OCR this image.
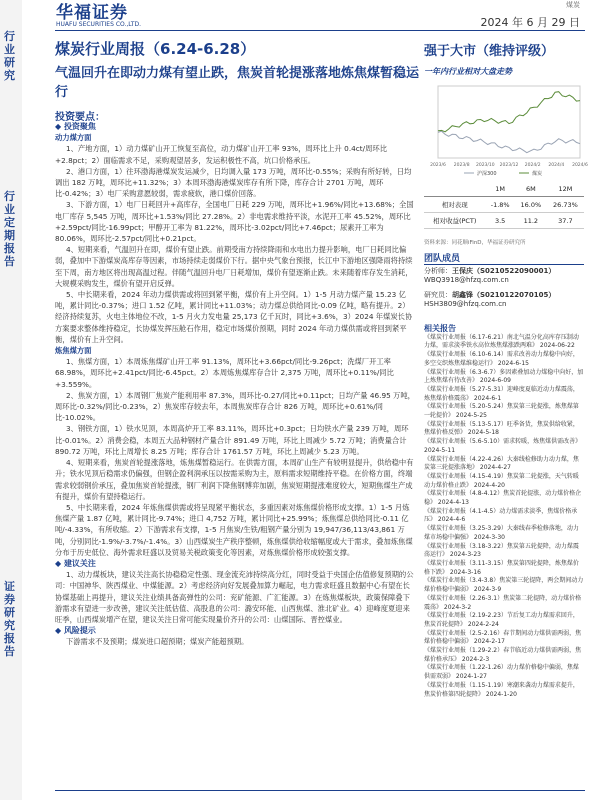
行业研究
行业定期报告
证券研究报告
华福证券
HUAFU SECURITIES CO.,LTD.
煤炭
2024 年 6 月 29 日
煤炭行业周报（6.24-6.28）
气温回升在即动力煤有望止跌，焦炭首轮提涨落地炼焦煤暂稳运行
投资要点：
◆ 投资聚焦
动力煤方面

1、产地方面，1）动力煤矿山开工恢复至高位，动力煤矿山开工率 93%，周环比上升 0.4ct/周环比+2.8pct；2）面临需求不足，采购观望居多，发运积极性不高，坑口价格承压。

2、港口方面，1）往环渤海港煤炭发运减少，日均调入量 173 万吨，周环比-0.55%；采购有所好转，日均调出 182 万吨，周环比+11.32%；3）本周环渤海港煤炭库存有所下降，库存合计 2701 万吨，周环比-0.42%；3）电厂采购意愿较弱，需求疲软，港口煤价回落。

3、下游方面，1）电厂日耗回升+高库存，全国电厂日耗 229 万吨，周环比+1.96%/同比+13.68%；全国电厂库存 5,545 万吨，周环比+1.53%/同比 27.28%。2）非电需求维持平淡，水泥开工率 45.52%，周环比+2.59pct/同比-16.99pct；甲醇开工率为 81.22%，周环比-3.02pct/同比+7.46pct；尿素开工率为 80.06%，周环比-2.57pct/同比+0.21pct。

4、短期来看，气温回升在即，煤价有望止跌。前期受南方持续降雨和水电出力提升影响，电厂日耗同比偏弱，叠加中下游煤炭高库存等因素，市场持续走弱煤价下行。据中央气象台预报，长江中下游地区强降雨将持续至下周，南方地区将出现高温过程。伴随气温回升电厂日耗增加，煤价有望逐渐止跌。未来随着库存发生消耗，大规模采购发生，煤价有望开启反弹。

5、中长期来看，2024 年动力煤供需或将回到紧平衡，煤价有上升空间。1）1-5 月动力煤产量 15.23 亿吨，累计同比-0.37%；进口 1.52 亿吨，累计同比+11.03%；动力煤总供给同比-0.09 亿吨，略有提升。2）经济持续复苏，火电主体地位不改，1-5 月火力发电量 25,173 亿千瓦时，同比+3.6%，3）2024 年煤炭长协方案要求整体维持稳定，长协煤发挥压舱石作用，稳定市场煤价预期，同时 2024 年动力煤供需或将回到紧平衡，煤价有上升空间。

炼焦煤方面

1、焦煤方面，1）本周炼焦煤矿山开工率 91.13%，周环比+3.66pct/同比-9.26pct；洗煤厂开工率 68.98%，周环比+2.41pct/同比-6.45pct。2）本周炼焦煤库存合计 2,375 万吨，周环比+0.11%/同比+3.559%。

2、焦炭方面，1）本周钢厂焦炭产能利用率 87.3%，周环比-0.27/同比+0.11pct；日均产量 46.95 万吨，周环比-0.32%/同比-0.23%，2）焦炭库存较去年，本周焦炭库存合计 826 万吨，周环比+0.61%/同比-10.02%。

3、钢铁方面，1）铁水见顶，本周高炉开工率 83.11%，周环比+0.3pct；日均铁水产量 239 万吨，周环比-0.01%。2）消费会稳，本周五大品种钢材产量合计 891.49 万吨，环比上周减少 5.72 万吨；消费量合计 890.72 万吨，环比上周增长 8.25 万吨；库存合计 1761.57 万吨，环比上周减少 5.23 万吨。

4、短期来看，焦炭首轮提涨落地，炼焦煤暂稳运行。在供需方面，本周矿山生产有较明显提升，供给稳中有升；铁水见顶后稳需求仍偏强，但钢企盈利润承压以按需采购为主，原料需求短期维持平稳。在价格方面，终端需求较弱钢价承压，叠加焦炭首轮提涨，钢厂利润下降焦钢博弈加剧，焦炭短期提涨难度较大，短期焦煤生产成有提升，煤价有望持稳运行。

5、中长期来看，2024 年炼焦煤供需或将呈现紧平衡状态，多重因素对炼焦煤价格形成支撑。1）1-5 月炼焦煤产量 1.87 亿吨，累计同比-9.74%；进口 4,752 万吨，累计同比+25.99%；炼焦煤总供给同比-0.11 亿吨/-4.33%，有所收缩。2）下游需求有支撑，1-5 月焦炭/生铁/粗钢产量分别为 19,947/36,113/43,861 万吨，分别同比-1.9%/-3.7%/-1.4%。3）山西煤炭生产秩序整顿，炼焦煤供给收缩幅度或大于需求，叠加炼焦煤分布于历史低位、海外需求旺盛以及贸易关税政策变化等因素，对炼焦煤价格形成较强支撑。

◆ 建议关注

1、动力煤板块，建议关注高长协稳稳定性强、现金流充沛持续高分红，同时受益于央国企估值修复预期的公司：中国神华、陕西煤业、中煤能源。2）考虑经济向好发展叠加算力崛起，电力需求旺盛且数据中心有望在长协煤基础上再提升，建议关注业绩具备高弹性的公司：兖矿能源、广汇能源。3）在炼焦煤板块，政策保障叠下游需求有望进一步改善，建议关注低估值、高股息的公司：潞安环能、山西焦煤、淮北矿业。4）迎峰度夏迎来旺季，山西煤炭增产在望，建议关注日常可能实现量价齐升的公司：山煤国际、晋控煤业。

◆ 风险提示

下游需求不及预期；煤炭进口超预期；煤炭产能超预期。

强于大市（维持评级）
一年内行业相对大盘走势
2023/6 2023/8 2023/10 2023/12 2024/2 2024/4 2024/6
沪深300	煤炭
	1M	6M	12M
相对表现	-1.8%	16.0%	26.73%
相对收益(PCT)	3.5	11.2	37.7
资料来源：同花顺iFinD，华福证券研究所
团队成员
分析师：王保庆（S0210522090001）
WBQ3918@hfzq.com.cn
研究员：胡鑫锋（S0210122070105）
HSH3809@hfzq.com.cn
相关报告
《煤炭行业周报（6.17-6.21）南北气温分化高库存压制动力煤，需求淡季铁水高位炼焦煤涨跌两难》 2024-06-22
《煤炭行业周报（6.10-6.14）需求改善动力煤稳中向好，多空交织炼焦煤维稳运行》 2024-6-15
《煤炭行业周报（6.3-6.7）多因素叠加动力煤稳中向好，加上炼焦煤有待改善》 2024-6-09
《煤炭行业周报（5.27-5.31）迎峰度夏临近动力煤震荡，炼焦煤价格震荡》 2024-6-1
《煤炭行业周报（5.20-5.24）焦炭第三轮提涨，炼焦煤第一轮提价》 2024-5-25
《煤炭行业周报（5.13-5.17）旺季备货，焦炭供给收紧，焦煤价格反弹》 2024-5-18
《煤炭行业周报（5.6-5.10）需求转暖，炼焦煤供需改善》 2024-5-11
《煤炭行业周报（4.22-4.26）大秦线检修助力动力煤，焦炭第三轮提涨落地》 2024-4-27
《煤炭行业周报（4.15-4.19）焦炭第二轮提涨，天气转暖动力煤价格止跌》 2024-4-20
《煤炭行业周报（4.8-4.12）焦炭首轮提涨，动力煤价格企稳》 2024-4-13
《煤炭行业周报（4.1-4.5）动力煤需求淡季，焦煤价格承压》 2024-4-6
《煤炭行业周报（3.25-3.29）大秦线春季检修落地，动力煤市场稳中偏强》 2024-3-30
《煤炭行业周报（3.18-3.22）焦炭第五轮提降，动力煤震荡运行》 2024-3-23
《煤炭行业周报（3.11-3.15）焦炭第四轮提降，炼焦煤价格下跌》 2024-3-16
《煤炭行业周报（3.4-3.8）焦炭第三轮提降，两会期间动力煤价格稳中偏弱》 2024-3-9
《煤炭行业周报（2.26-3.1）焦炭第二轮提降，动力煤价格震荡》 2024-3-2
《煤炭行业周报（2.19-2.23）节后复工动力煤需求回升，焦炭首轮提降》 2024-2-24
《煤炭行业周报（2.5-2.16）春节期间动力煤供需两弱，焦煤价格稳中偏弱》 2024-2-17
《煤炭行业周报（1.29-2.2）春节临近动力煤供需两弱，焦煤价格承压》 2024-2-3
《煤炭行业周报（1.22-1.26）动力煤价格稳中偏弱，焦煤供需双弱》 2024-1-27
《煤炭行业周报（1.15-1.19）寒潮来袭动力煤需求提升，焦炭价格第四轮提降》 2024-1-20
